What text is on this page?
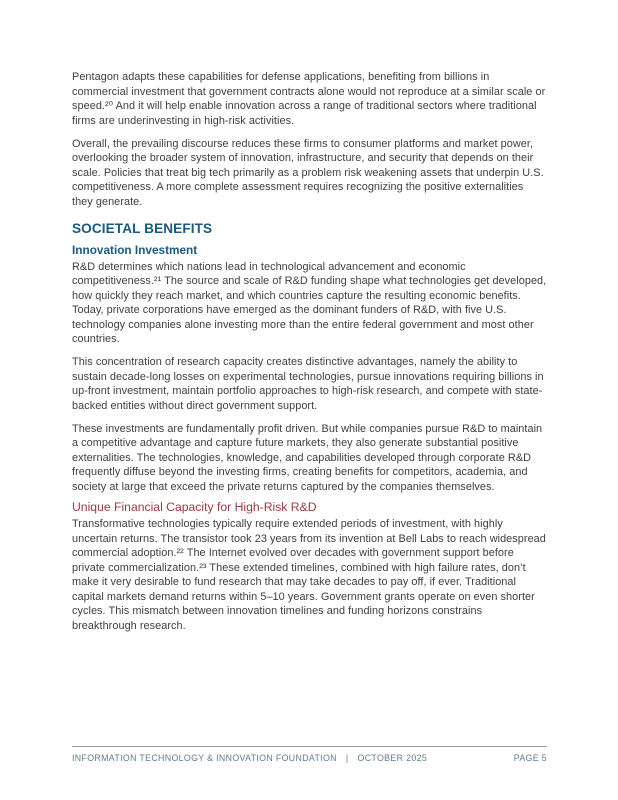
Pentagon adapts these capabilities for defense applications, benefiting from billions in commercial investment that government contracts alone would not reproduce at a similar scale or speed.²⁰ And it will help enable innovation across a range of traditional sectors where traditional firms are underinvesting in high-risk activities.

Overall, the prevailing discourse reduces these firms to consumer platforms and market power, overlooking the broader system of innovation, infrastructure, and security that depends on their scale. Policies that treat big tech primarily as a problem risk weakening assets that underpin U.S. competitiveness. A more complete assessment requires recognizing the positive externalities they generate.

SOCIETAL BENEFITS
Innovation Investment

R&D determines which nations lead in technological advancement and economic competitiveness.²¹ The source and scale of R&D funding shape what technologies get developed, how quickly they reach market, and which countries capture the resulting economic benefits. Today, private corporations have emerged as the dominant funders of R&D, with five U.S. technology companies alone investing more than the entire federal government and most other countries.

This concentration of research capacity creates distinctive advantages, namely the ability to sustain decade-long losses on experimental technologies, pursue innovations requiring billions in up-front investment, maintain portfolio approaches to high-risk research, and compete with state-backed entities without direct government support.

These investments are fundamentally profit driven. But while companies pursue R&D to maintain a competitive advantage and capture future markets, they also generate substantial positive externalities. The technologies, knowledge, and capabilities developed through corporate R&D frequently diffuse beyond the investing firms, creating benefits for competitors, academia, and society at large that exceed the private returns captured by the companies themselves.

Unique Financial Capacity for High-Risk R&D

Transformative technologies typically require extended periods of investment, with highly uncertain returns. The transistor took 23 years from its invention at Bell Labs to reach widespread commercial adoption.²² The Internet evolved over decades with government support before private commercialization.²³ These extended timelines, combined with high failure rates, don’t make it very desirable to fund research that may take decades to pay off, if ever. Traditional capital markets demand returns within 5–10 years. Government grants operate on even shorter cycles. This mismatch between innovation timelines and funding horizons constrains breakthrough research.

INFORMATION TECHNOLOGY & INNOVATION FOUNDATION | OCTOBER 2025	PAGE 5
